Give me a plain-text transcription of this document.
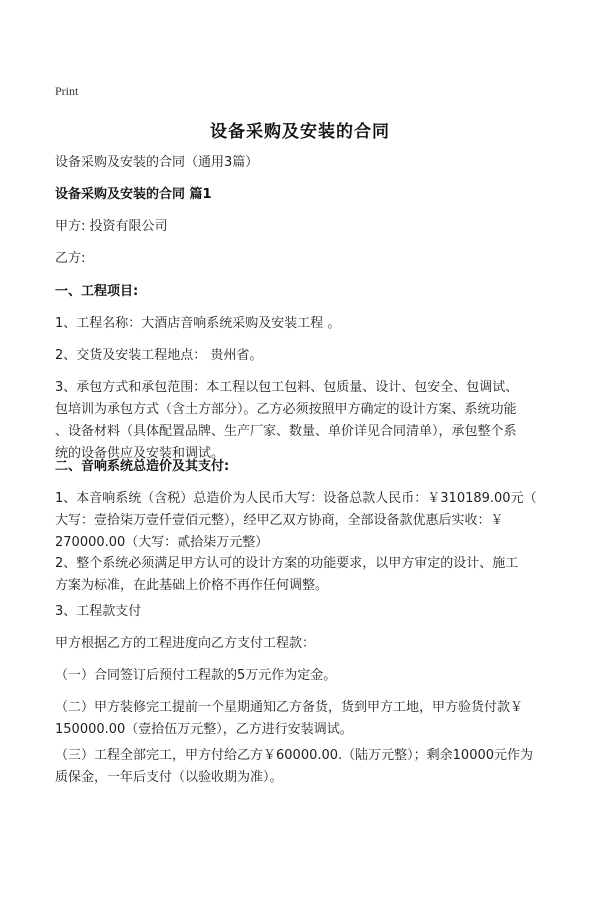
Print
设备采购及安装的合同
设备采购及安装的合同（通用3篇）
设备采购及安装的合同 篇1
甲方: 投资有限公司
乙方:
一、工程项目:
1、工程名称：大酒店音响系统采购及安装工程 。
2、交货及安装工程地点： 贵州省。
3、承包方式和承包范围：本工程以包工包料、包质量、设计、包安全、包调试、
包培训为承包方式（含土方部分）。乙方必须按照甲方确定的设计方案、系统功能
、设备材料（具体配置品牌、生产厂家、数量、单价详见合同清单），承包整个系
统的设备供应及安装和调试。
二、音响系统总造价及其支付:
1、本音响系统（含税）总造价为人民币大写：设备总款人民币：￥310189.00元（
大写：壹拾柒万壹仟壹佰元整），经甲乙双方协商，全部设备款优惠后实收：￥
270000.00（大写：贰拾柒万元整）
2、整个系统必须满足甲方认可的设计方案的功能要求，以甲方审定的设计、施工
方案为标准，在此基础上价格不再作任何调整。
3、工程款支付
甲方根据乙方的工程进度向乙方支付工程款：
（一）合同签订后预付工程款的5万元作为定金。
（二）甲方装修完工提前一个星期通知乙方备货，货到甲方工地，甲方验货付款￥
150000.00（壹拾伍万元整），乙方进行安装调试。
（三）工程全部完工，甲方付给乙方￥60000.00.（陆万元整）；剩余10000元作为
质保金，一年后支付（以验收期为准）。
